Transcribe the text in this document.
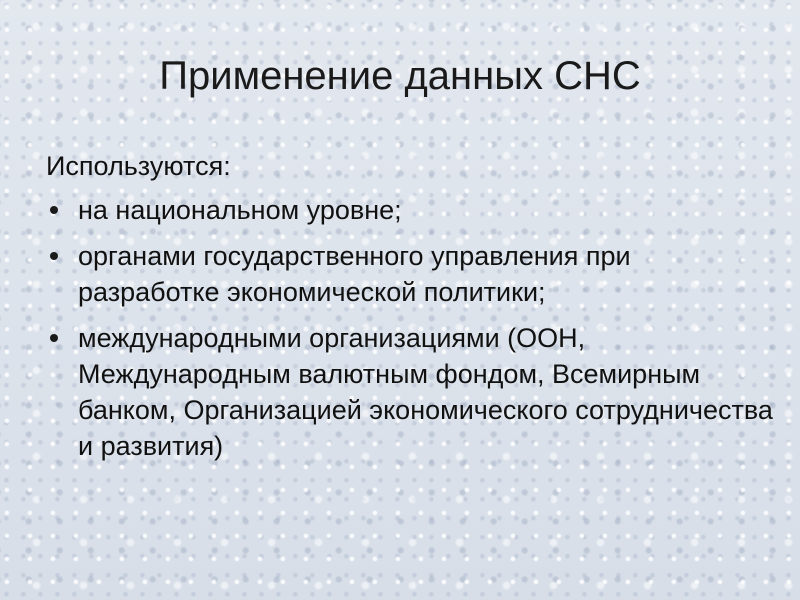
Применение данных СНС

Используются:

на национальном уровне;
органами государственного управления при разработке экономической политики;
международными организациями (ООН, Международным валютным фондом, Всемирным банком, Организацией экономического сотрудничества и развития)
